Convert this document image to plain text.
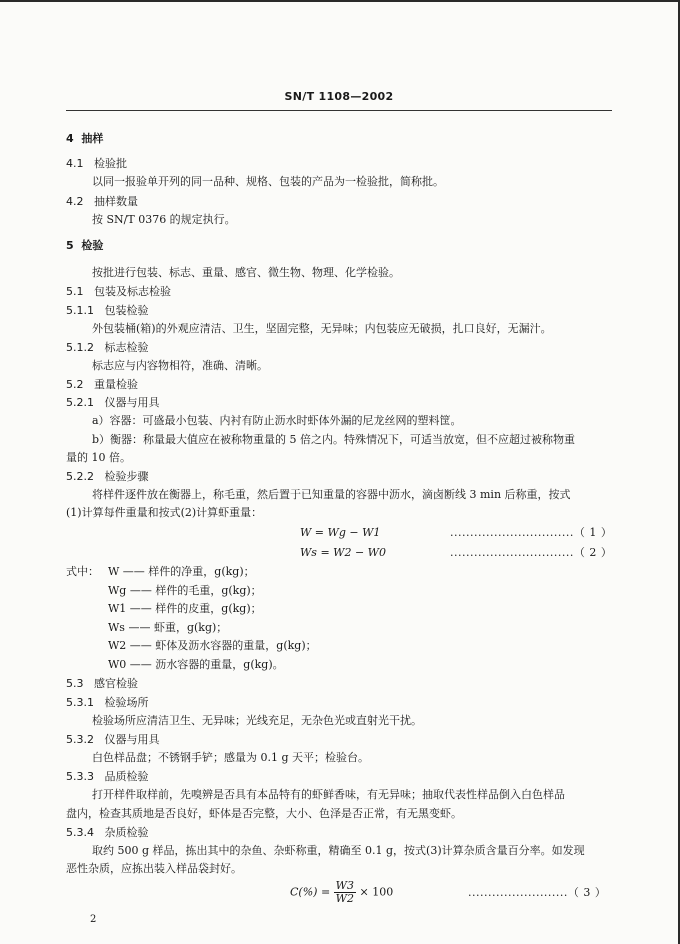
SN/T 1108—2002
4 抽样
4.1 检验批
以同一报验单开列的同一品种、规格、包装的产品为一检验批，简称批。
4.2 抽样数量
按 SN/T 0376 的规定执行。
5 检验
按批进行包装、标志、重量、感官、微生物、物理、化学检验。
5.1 包装及标志检验
5.1.1 包装检验
外包装桶(箱)的外观应清洁、卫生，坚固完整，无异味；内包装应无破损，扎口良好，无漏汁。
5.1.2 标志检验
标志应与内容物相符，准确、清晰。
5.2 重量检验
5.2.1 仪器与用具
a）容器：可盛最小包装、内衬有防止沥水时虾体外漏的尼龙丝网的塑料筐。
b）衡器：称量最大值应在被称物重量的 5 倍之内。特殊情况下，可适当放宽，但不应超过被称物重
量的 10 倍。
5.2.2 检验步骤
将样件逐件放在衡器上，称毛重，然后置于已知重量的容器中沥水，滴卤断线 3 min 后称重，按式
(1)计算每件重量和按式(2)计算虾重量：
W = Wg − W1	...............................（ 1 ）
Ws = W2 − W0	...............................（ 2 ）
式中： W —— 样件的净重，g(kg)；
Wg —— 样件的毛重，g(kg)；
W1 —— 样件的皮重，g(kg)；
Ws —— 虾重，g(kg)；
W2 —— 虾体及沥水容器的重量，g(kg)；
W0 —— 沥水容器的重量，g(kg)。
5.3 感官检验
5.3.1 检验场所
检验场所应清洁卫生、无异味；光线充足，无杂色光或直射光干扰。
5.3.2 仪器与用具
白色样品盘；不锈钢手铲；感量为 0.1 g 天平；检验台。
5.3.3 品质检验
打开样件取样前，先嗅辨是否具有本品特有的虾鲜香味，有无异味；抽取代表性样品倒入白色样品
盘内，检查其质地是否良好，虾体是否完整，大小、色泽是否正常，有无黑变虾。
5.3.4 杂质检验
取约 500 g 样品，拣出其中的杂鱼、杂虾称重，精确至 0.1 g，按式(3)计算杂质含量百分率。如发现
恶性杂质，应拣出装入样品袋封好。
$C(\%) = \frac{W3}{W2} \times 100$	.........................（ 3 ）
2
